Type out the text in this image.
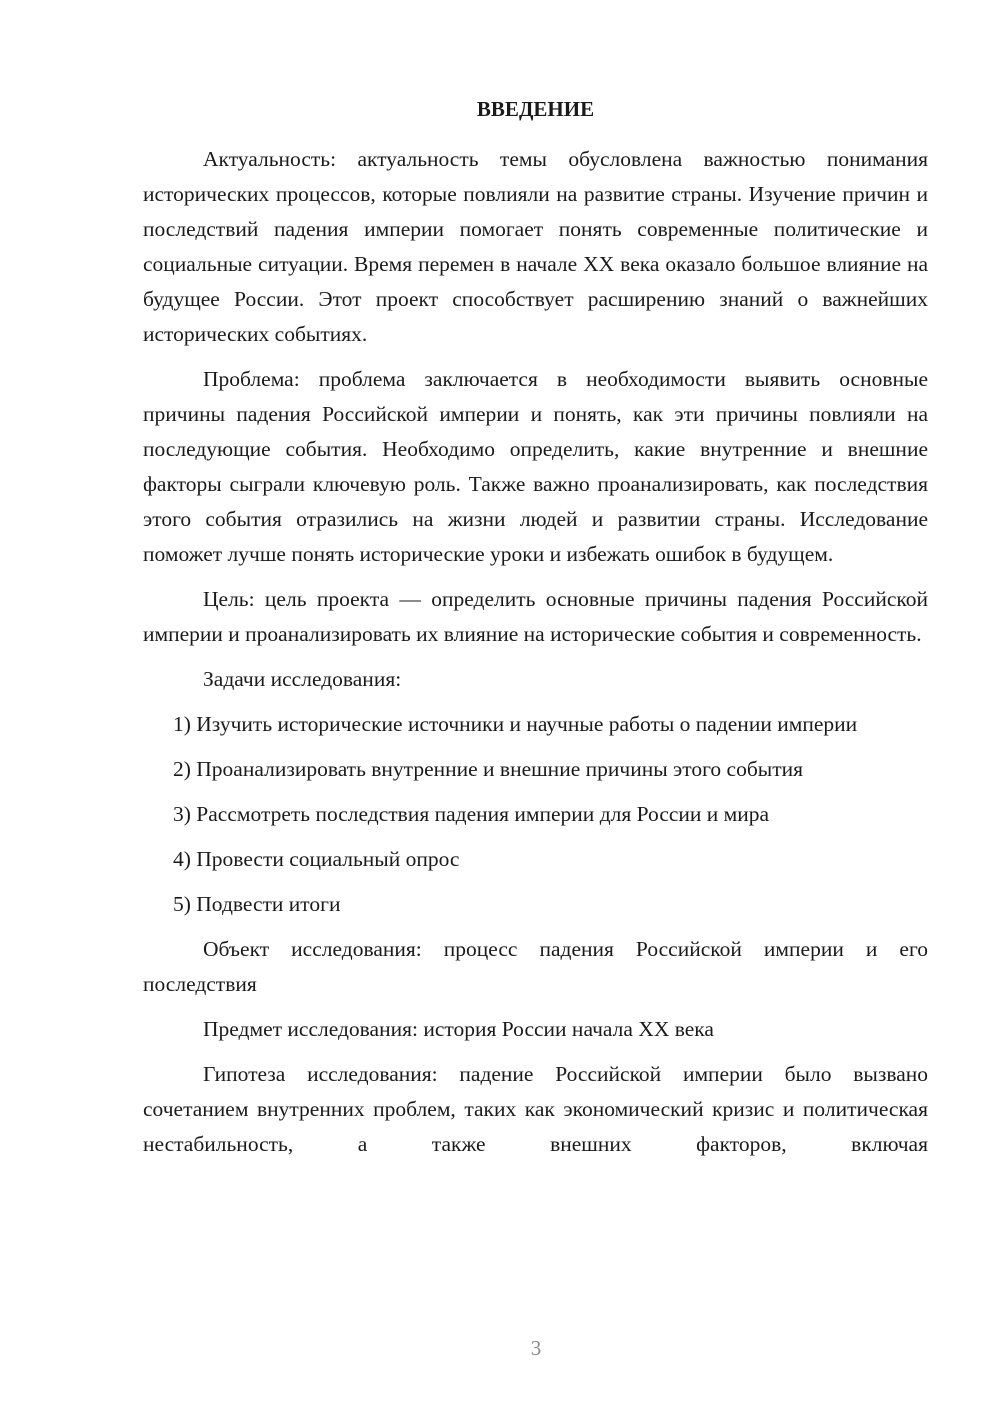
ВВЕДЕНИЕ

Актуальность: актуальность темы обусловлена важностью понимания исторических процессов, которые повлияли на развитие страны. Изучение причин и последствий падения империи помогает понять современные политические и социальные ситуации. Время перемен в начале XX века оказало большое влияние на будущее России. Этот проект способствует расширению знаний о важнейших исторических событиях.

Проблема: проблема заключается в необходимости выявить основные причины падения Российской империи и понять, как эти причины повлияли на последующие события. Необходимо определить, какие внутренние и внешние факторы сыграли ключевую роль. Также важно проанализировать, как последствия этого события отразились на жизни людей и развитии страны. Исследование поможет лучше понять исторические уроки и избежать ошибок в будущем.

Цель: цель проекта — определить основные причины падения Российской империи и проанализировать их влияние на исторические события и современность.

Задачи исследования:

1) Изучить исторические источники и научные работы о падении империи

2) Проанализировать внутренние и внешние причины этого события

3) Рассмотреть последствия падения империи для России и мира

4) Провести социальный опрос

5) Подвести итоги

Объект исследования: процесс падения Российской империи и его последствия

Предмет исследования: история России начала XX века

Гипотеза исследования: падение Российской империи было вызвано сочетанием внутренних проблем, таких как экономический кризис и политическая нестабильность, а также внешних факторов, включая

3
